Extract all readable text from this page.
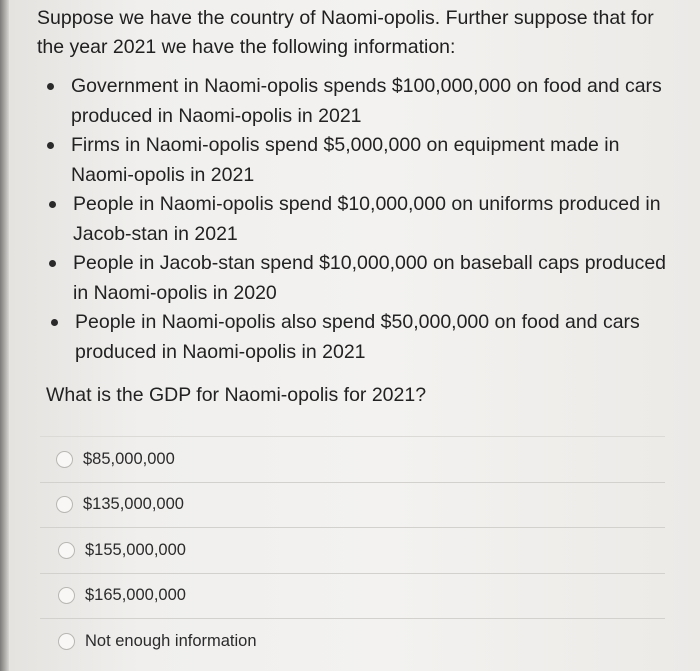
Suppose we have the country of Naomi-opolis. Further suppose that for the year 2021 we have the following information:

Government in Naomi-opolis spends $100,000,000 on food and cars produced in Naomi-opolis in 2021
Firms in Naomi-opolis spend $5,000,000 on equipment made in Naomi-opolis in 2021
People in Naomi-opolis spend $10,000,000 on uniforms produced in Jacob-stan in 2021
People in Jacob-stan spend $10,000,000 on baseball caps produced in Naomi-opolis in 2020
People in Naomi-opolis also spend $50,000,000 on food and cars produced in Naomi-opolis in 2021

What is the GDP for Naomi-opolis for 2021?

$85,000,000
$135,000,000
$155,000,000
$165,000,000
Not enough information
